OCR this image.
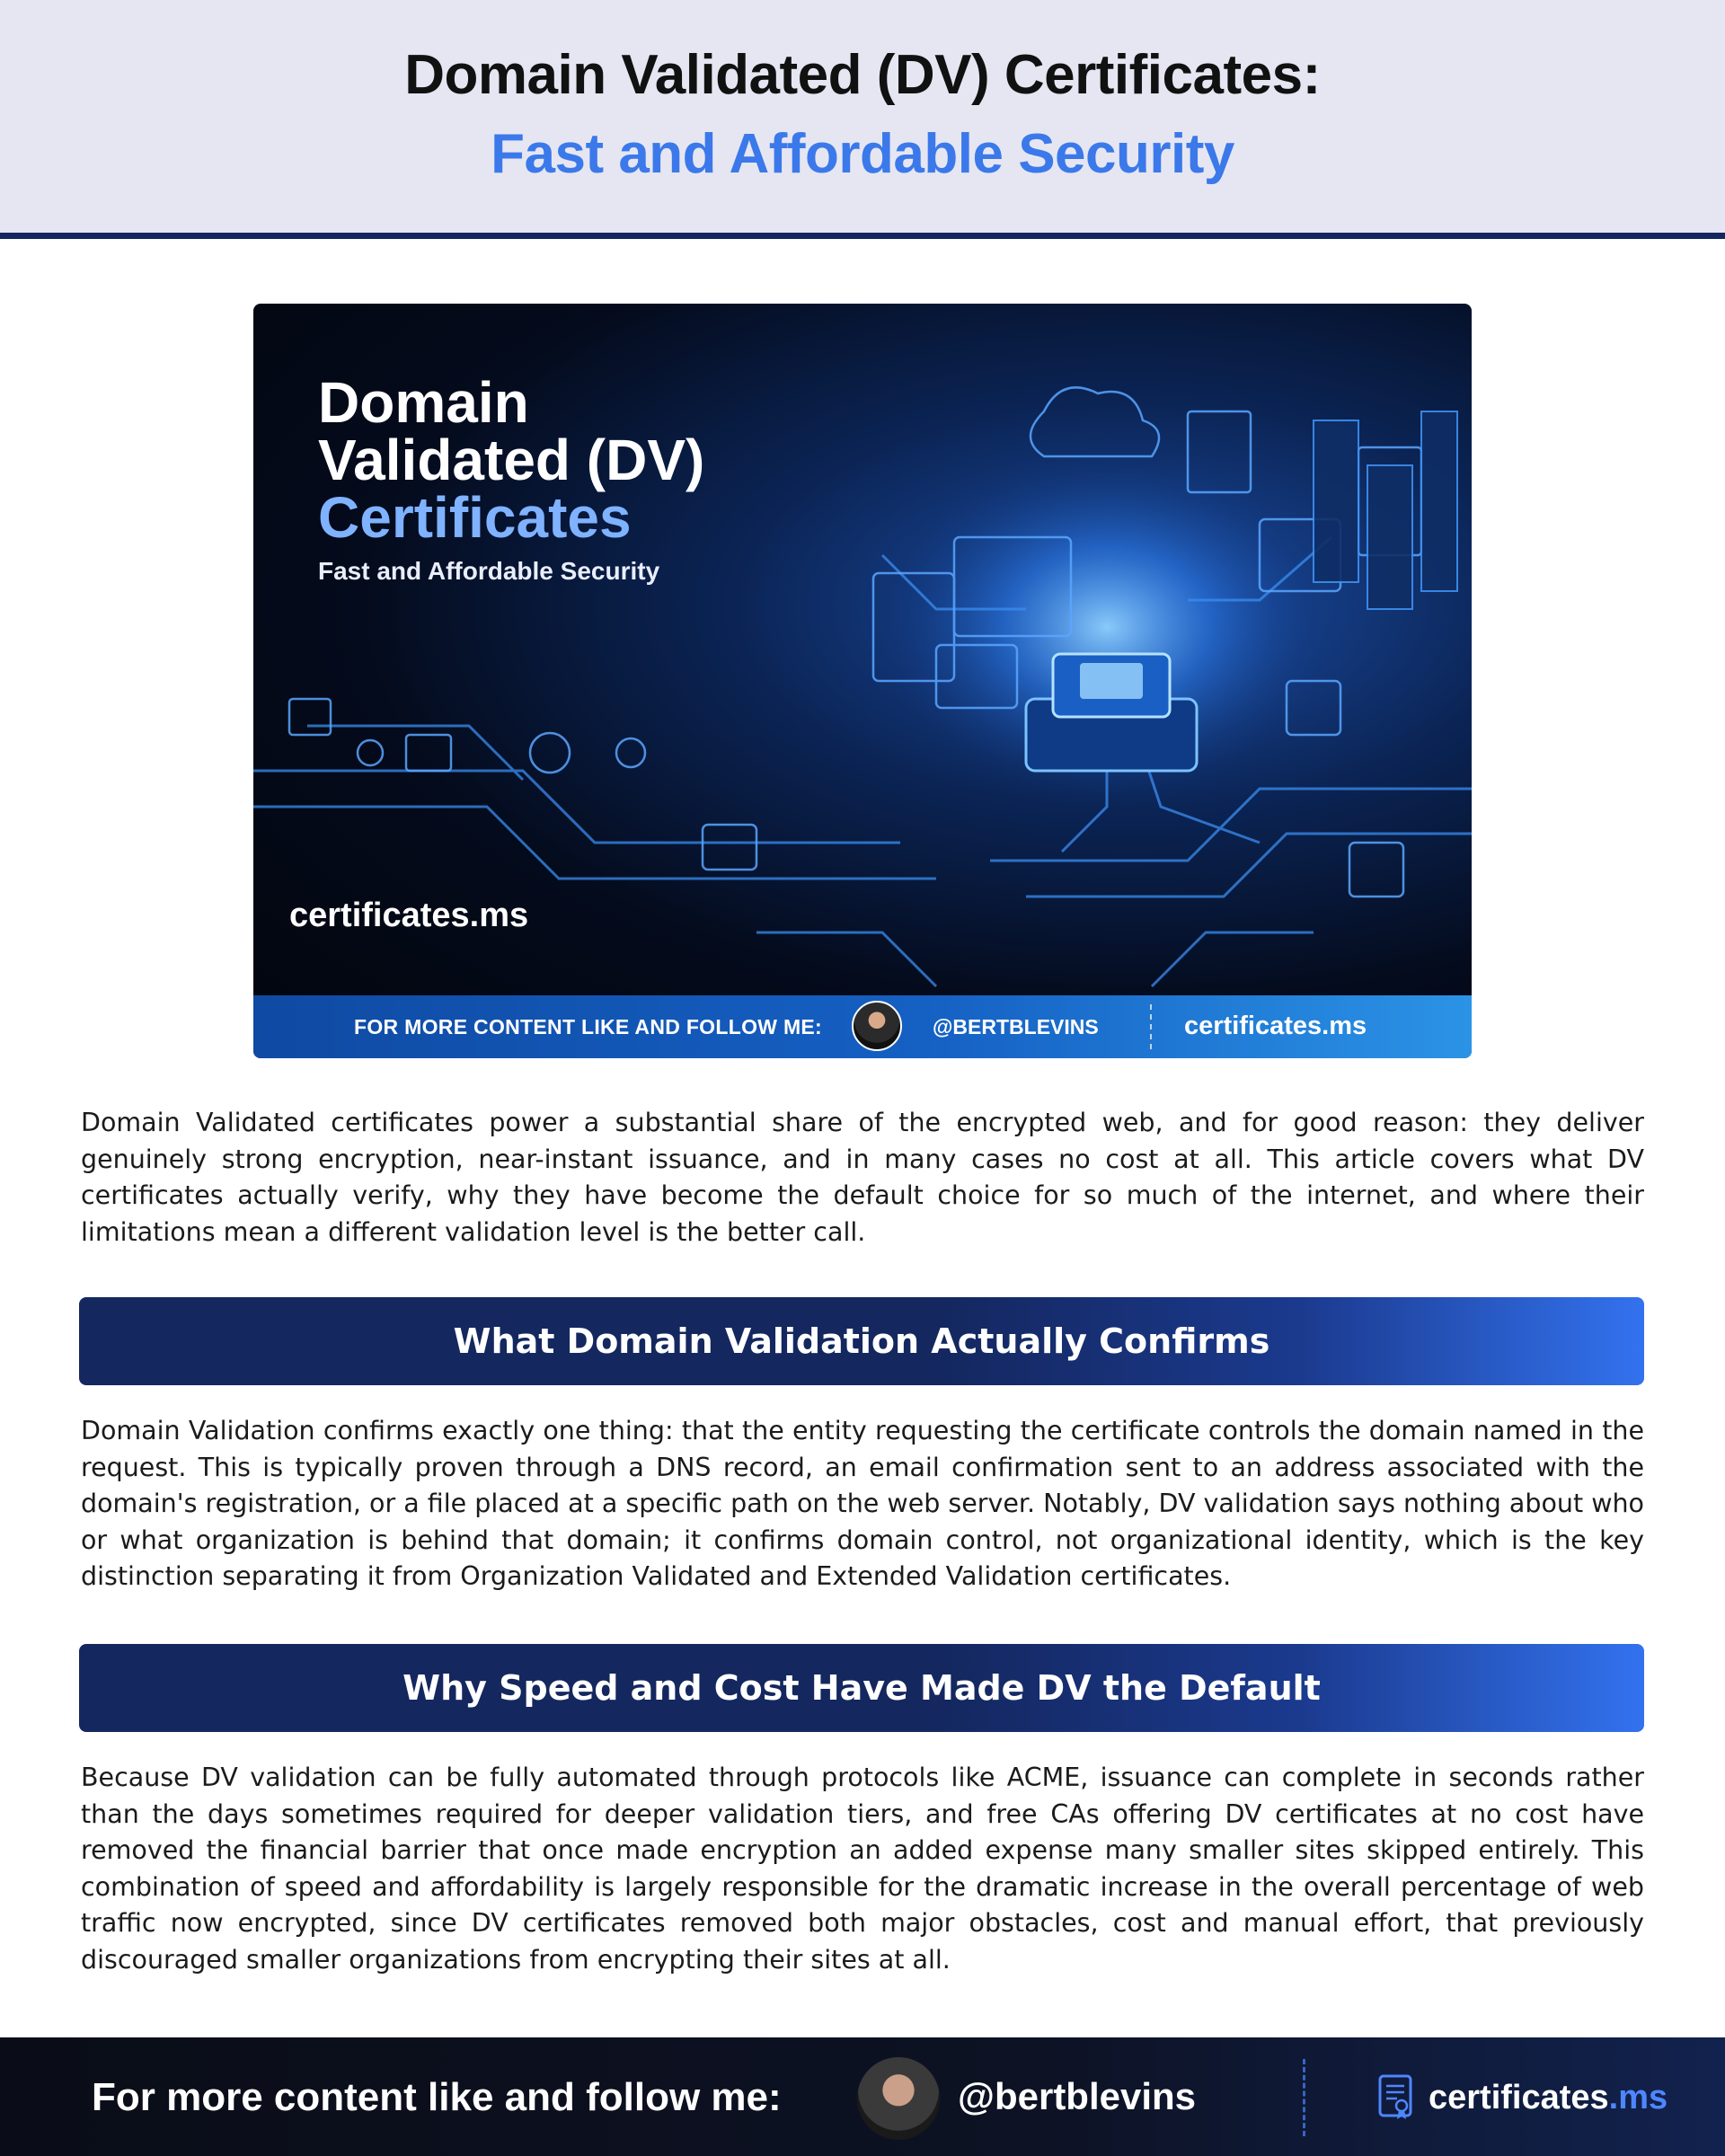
Domain Validated (DV) Certificates:
Fast and Affordable Security
Domain
Validated (DV)
Certificates
Fast and Affordable Security
certificates.ms
FOR MORE CONTENT LIKE AND FOLLOW ME:	@BERTBLEVINS	certificates.ms

Domain Validated certificates power a substantial share of the encrypted web, and for good reason: they deliver genuinely strong encryption, near-instant issuance, and in many cases no cost at all. This article covers what DV certificates actually verify, why they have become the default choice for so much of the internet, and where their limitations mean a different validation level is the better call.

What Domain Validation Actually Confirms

Domain Validation confirms exactly one thing: that the entity requesting the certificate controls the domain named in the request. This is typically proven through a DNS record, an email confirmation sent to an address associated with the domain's registration, or a file placed at a specific path on the web server. Notably, DV validation says nothing about who or what organization is behind that domain; it confirms domain control, not organizational identity, which is the key distinction separating it from Organization Validated and Extended Validation certificates.

Why Speed and Cost Have Made DV the Default

Because DV validation can be fully automated through protocols like ACME, issuance can complete in seconds rather than the days sometimes required for deeper validation tiers, and free CAs offering DV certificates at no cost have removed the financial barrier that once made encryption an added expense many smaller sites skipped entirely. This combination of speed and affordability is largely responsible for the dramatic increase in the overall percentage of web traffic now encrypted, since DV certificates removed both major obstacles, cost and manual effort, that previously discouraged smaller organizations from encrypting their sites at all.

For more content like and follow me:	@bertblevins	certificates.ms
